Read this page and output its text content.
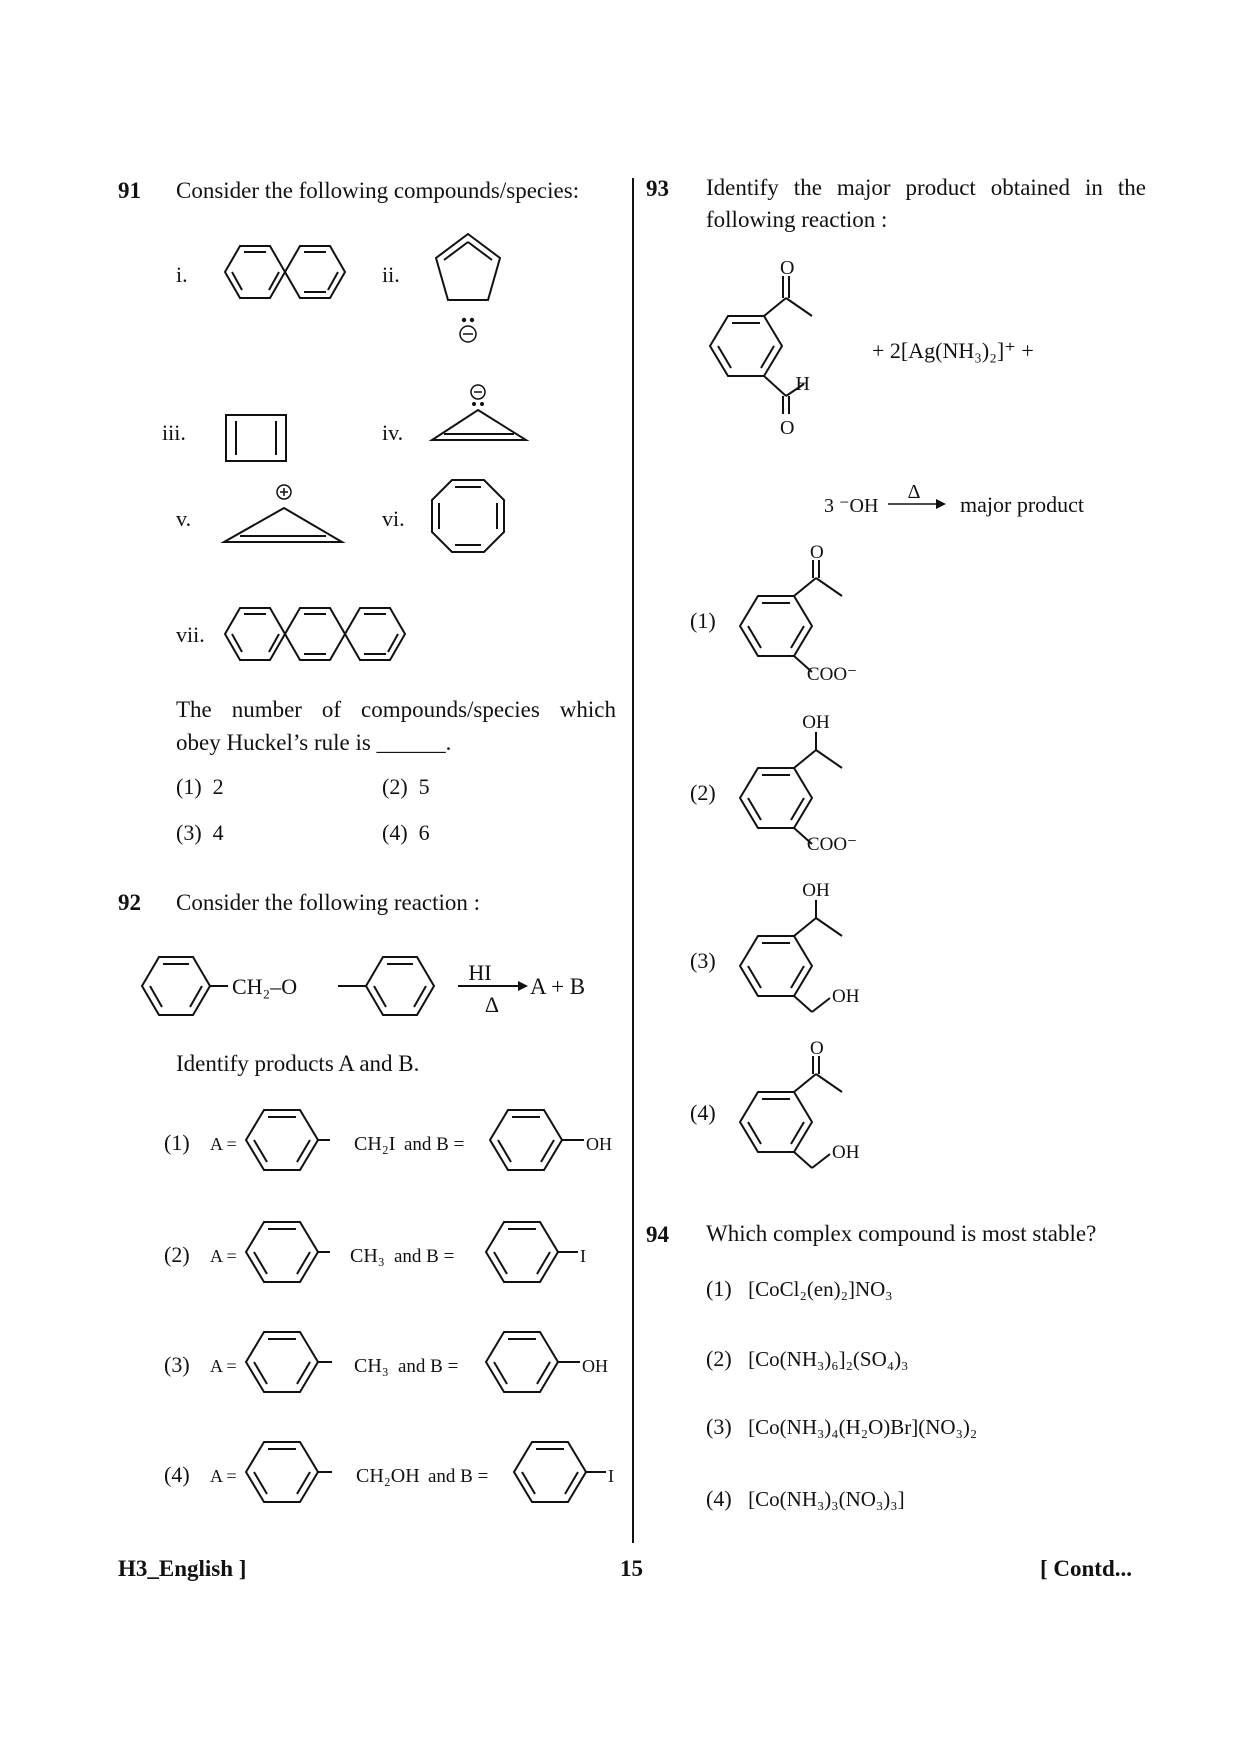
91 Consider the following compounds/species:
i.	ii.
iii.	iv.
v.	vi.
vii.
The number of compounds/species which
obey Huckel’s rule is ______.
(1) 2	(2) 5
(3) 4	(4) 6
92 Consider the following reaction :
CH₂–O
HI
Δ
A + B
Identify products A and B.
(1) A =	CH₂I and B =	OH
(2) A =	CH₃ and B =	I
(3) A =	CH₃ and B =	OH
(4) A =	CH₂OH and B =	I
93 Identify the major product obtained in the
following reaction :
O
O
H
+ 2[Ag(NH₃)₂]⁺ +
3 ⁻OH
Δ major product
(1)
O
COO⁻
(2)
OH
COO⁻
(3)
OH
OH
(4)
O
OH
94 Which complex compound is most stable?
(1) [CoCl₂(en)₂]NO₃
(2) [Co(NH₃)₆]₂(SO₄)₃
(3) [Co(NH₃)₄(H₂O)Br](NO₃)₂
(4) [Co(NH₃)₃(NO₃)₃]
H3_English ]	15	[ Contd...
